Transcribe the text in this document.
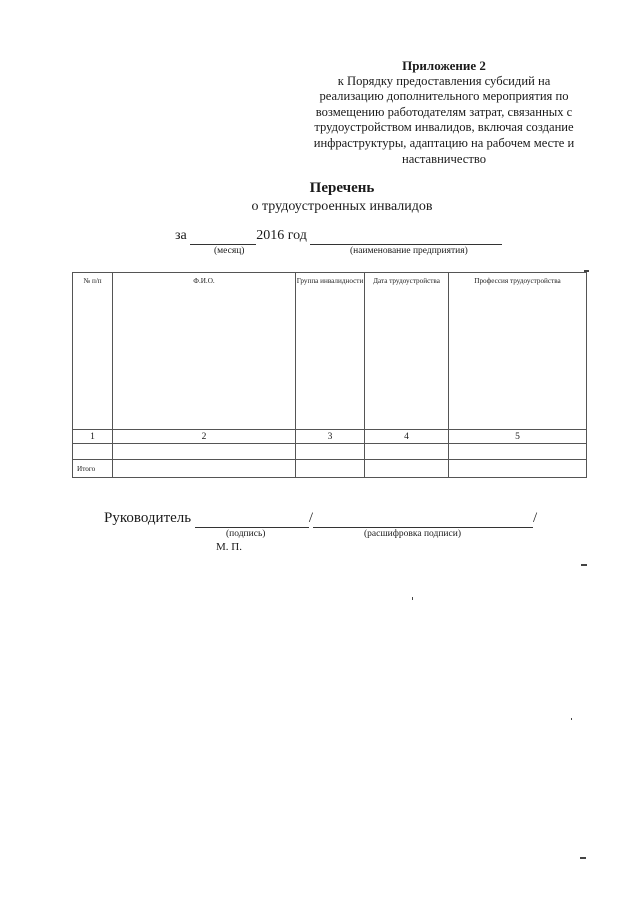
Приложение 2
к Порядку предоставления субсидий на
реализацию дополнительного мероприятия по
возмещению работодателям затрат, связанных с
трудоустройством инвалидов, включая создание
инфраструктуры, адаптацию на рабочем месте и
наставничество
Перечень
о трудоустроенных инвалидов
за	2016 год
(месяц)	(наименование предприятия)
№ п/п	Ф.И.О.	Группа инвалидности	Дата трудоустройства	Профессия трудоустройства
1	2	3	4	5

Итого				
Руководитель	/	/
(подпись)	(расшифровка подписи)
М. П.
